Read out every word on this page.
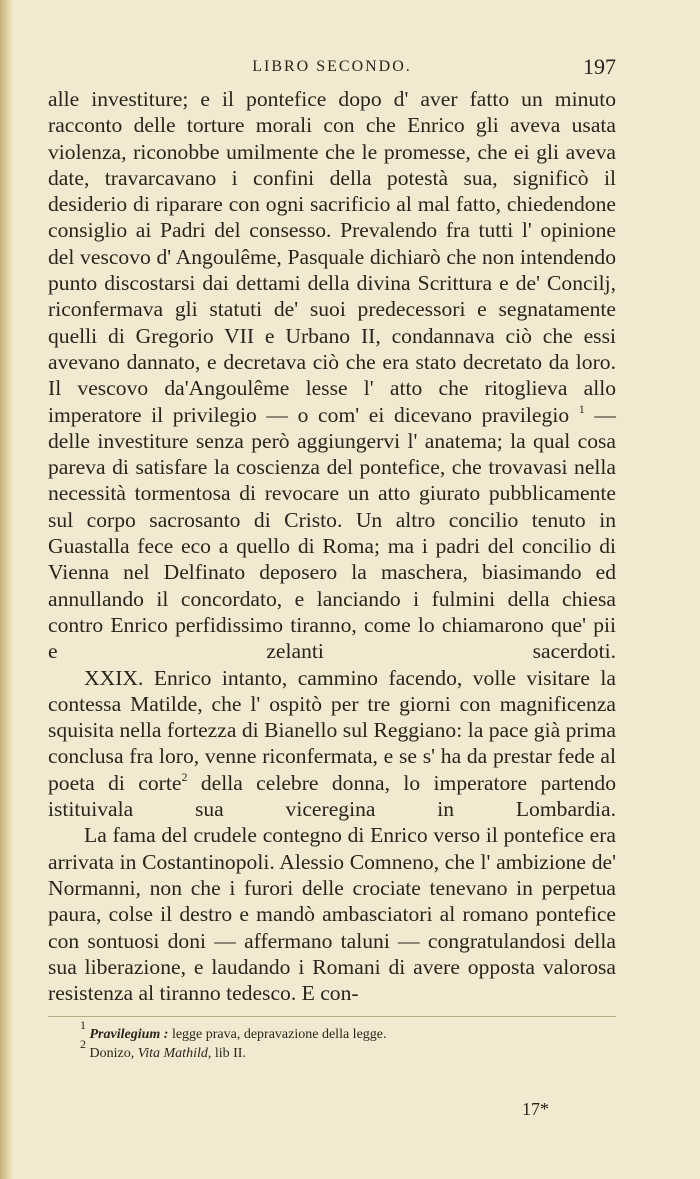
LIBRO SECONDO.	197

alle investiture; e il pontefice dopo d' aver fatto un minuto racconto delle torture morali con che Enrico gli aveva usata violenza, riconobbe umilmente che le promesse, che ei gli aveva date, travarcavano i confini della potestà sua, significò il desiderio di riparare con ogni sacrificio al mal fatto, chiedendone consiglio ai Padri del consesso. Prevalendo fra tutti l' opinione del vescovo d' Angoulême, Pasquale dichiarò che non intendendo punto discostarsi dai dettami della divina Scrittura e de' Concilj, riconfermava gli statuti de' suoi predecessori e segnatamente quelli di Gregorio VII e Urbano II, condannava ciò che essi avevano dannato, e decretava ciò che era stato decretato da loro. Il vescovo da'Angoulême lesse l' atto che ritoglieva allo imperatore il privilegio — o com' ei dicevano pravilegio $^1$ — delle investiture senza però aggiungervi l' anatema; la qual cosa pareva di satisfare la coscienza del pontefice, che trovavasi nella necessità tormentosa di revocare un atto giurato pubblicamente sul corpo sacrosanto di Cristo. Un altro concilio tenuto in Guastalla fece eco a quello di Roma; ma i padri del concilio di Vienna nel Delfinato deposero la maschera, biasimando ed annullando il concordato, e lanciando i fulmini della chiesa contro Enrico perfidissimo tiranno, come lo chiamarono que' pii e zelanti sacerdoti.

XXIX. Enrico intanto, cammino facendo, volle visitare la contessa Matilde, che l' ospitò per tre giorni con magnificenza squisita nella fortezza di Bianello sul Reggiano: la pace già prima conclusa fra loro, venne riconfermata, e se s' ha da prestar fede al poeta di corte$^2$ della celebre donna, lo imperatore partendo istituivala sua viceregina in Lombardia.

La fama del crudele contegno di Enrico verso il pontefice era arrivata in Costantinopoli. Alessio Comneno, che l' ambizione de' Normanni, non che i furori delle crociate tenevano in perpetua paura, colse il destro e mandò ambasciatori al romano pontefice con sontuosi doni — affermano taluni — congratulandosi della sua liberazione, e laudando i Romani di avere opposta valorosa resistenza al tiranno tedesco. E con-

$^1$ Pravilegium : legge prava, depravazione della legge.

$^2$ Donizo, Vita Mathild, lib II.

17*
